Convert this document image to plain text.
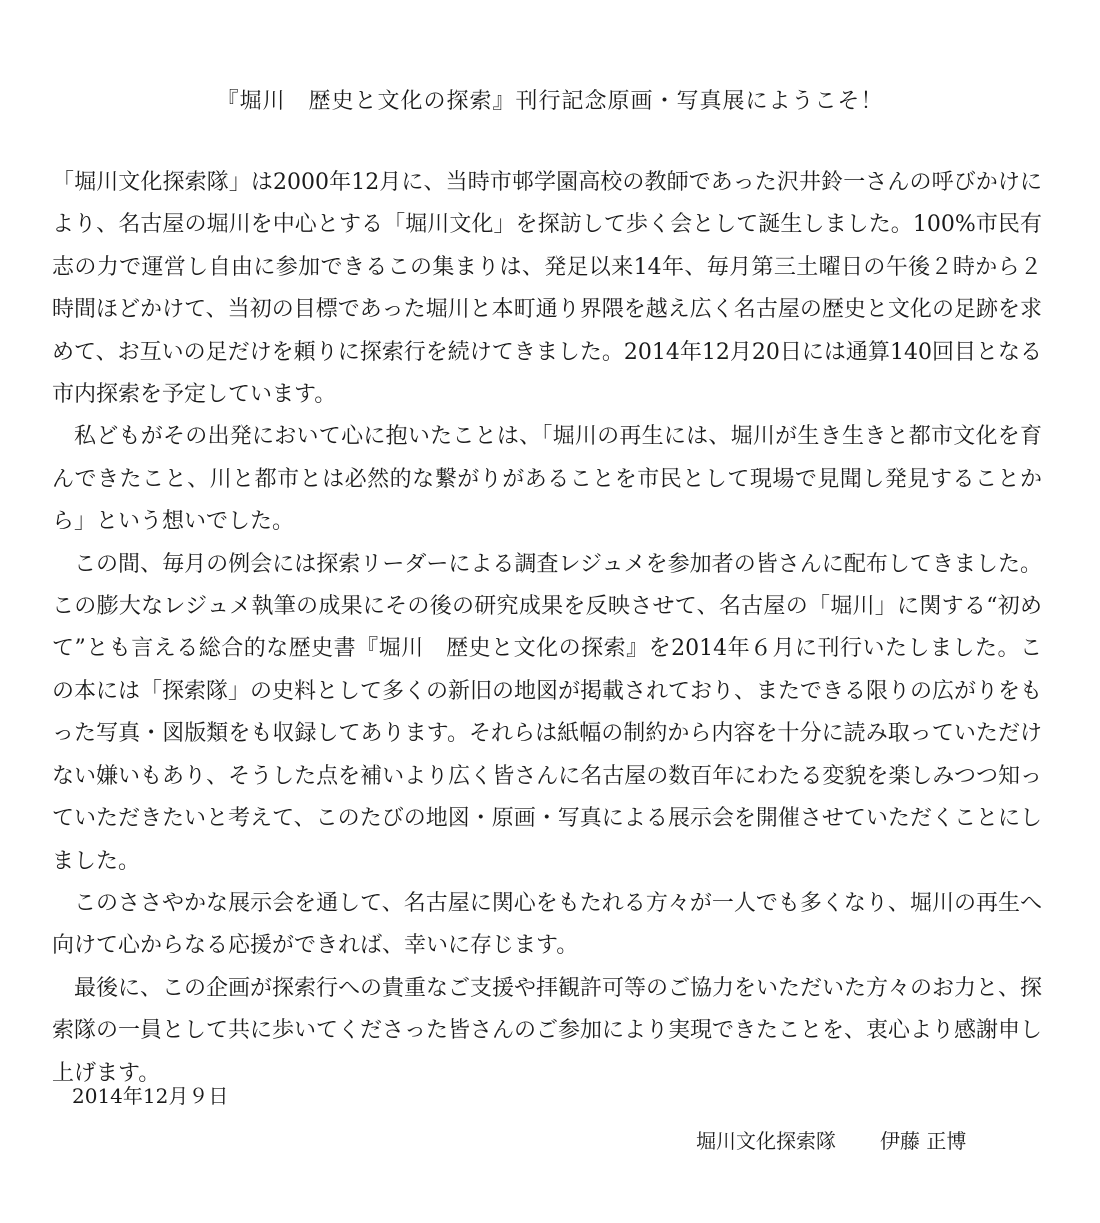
『堀川　歴史と文化の探索』刊行記念原画・写真展にようこそ！

「堀川文化探索隊」は2000年12月に、当時市邨学園高校の教師であった沢井鈴一さんの呼びかけにより、名古屋の堀川を中心とする「堀川文化」を探訪して歩く会として誕生しました。100%市民有志の力で運営し自由に参加できるこの集まりは、発足以来14年、毎月第三土曜日の午後２時から２時間ほどかけて、当初の目標であった堀川と本町通り界隈を越え広く名古屋の歴史と文化の足跡を求めて、お互いの足だけを頼りに探索行を続けてきました。2014年12月20日には通算140回目となる市内探索を予定しています。

私どもがその出発において心に抱いたことは、「堀川の再生には、堀川が生き生きと都市文化を育んできたこと、川と都市とは必然的な繋がりがあることを市民として現場で見聞し発見することから」という想いでした。

この間、毎月の例会には探索リーダーによる調査レジュメを参加者の皆さんに配布してきました。この膨大なレジュメ執筆の成果にその後の研究成果を反映させて、名古屋の「堀川」に関する“初めて”とも言える総合的な歴史書『堀川　歴史と文化の探索』を2014年６月に刊行いたしました。この本には「探索隊」の史料として多くの新旧の地図が掲載されており、またできる限りの広がりをもった写真・図版類をも収録してあります。それらは紙幅の制約から内容を十分に読み取っていただけない嫌いもあり、そうした点を補いより広く皆さんに名古屋の数百年にわたる変貌を楽しみつつ知っていただきたいと考えて、このたびの地図・原画・写真による展示会を開催させていただくことにしました。

このささやかな展示会を通して、名古屋に関心をもたれる方々が一人でも多くなり、堀川の再生へ向けて心からなる応援ができれば、幸いに存じます。

最後に、この企画が探索行への貴重なご支援や拝観許可等のご協力をいただいた方々のお力と、探索隊の一員として共に歩いてくださった皆さんのご参加により実現できたことを、衷心より感謝申し上げます。

2014年12月９日
堀川文化探索隊 伊藤 正博
